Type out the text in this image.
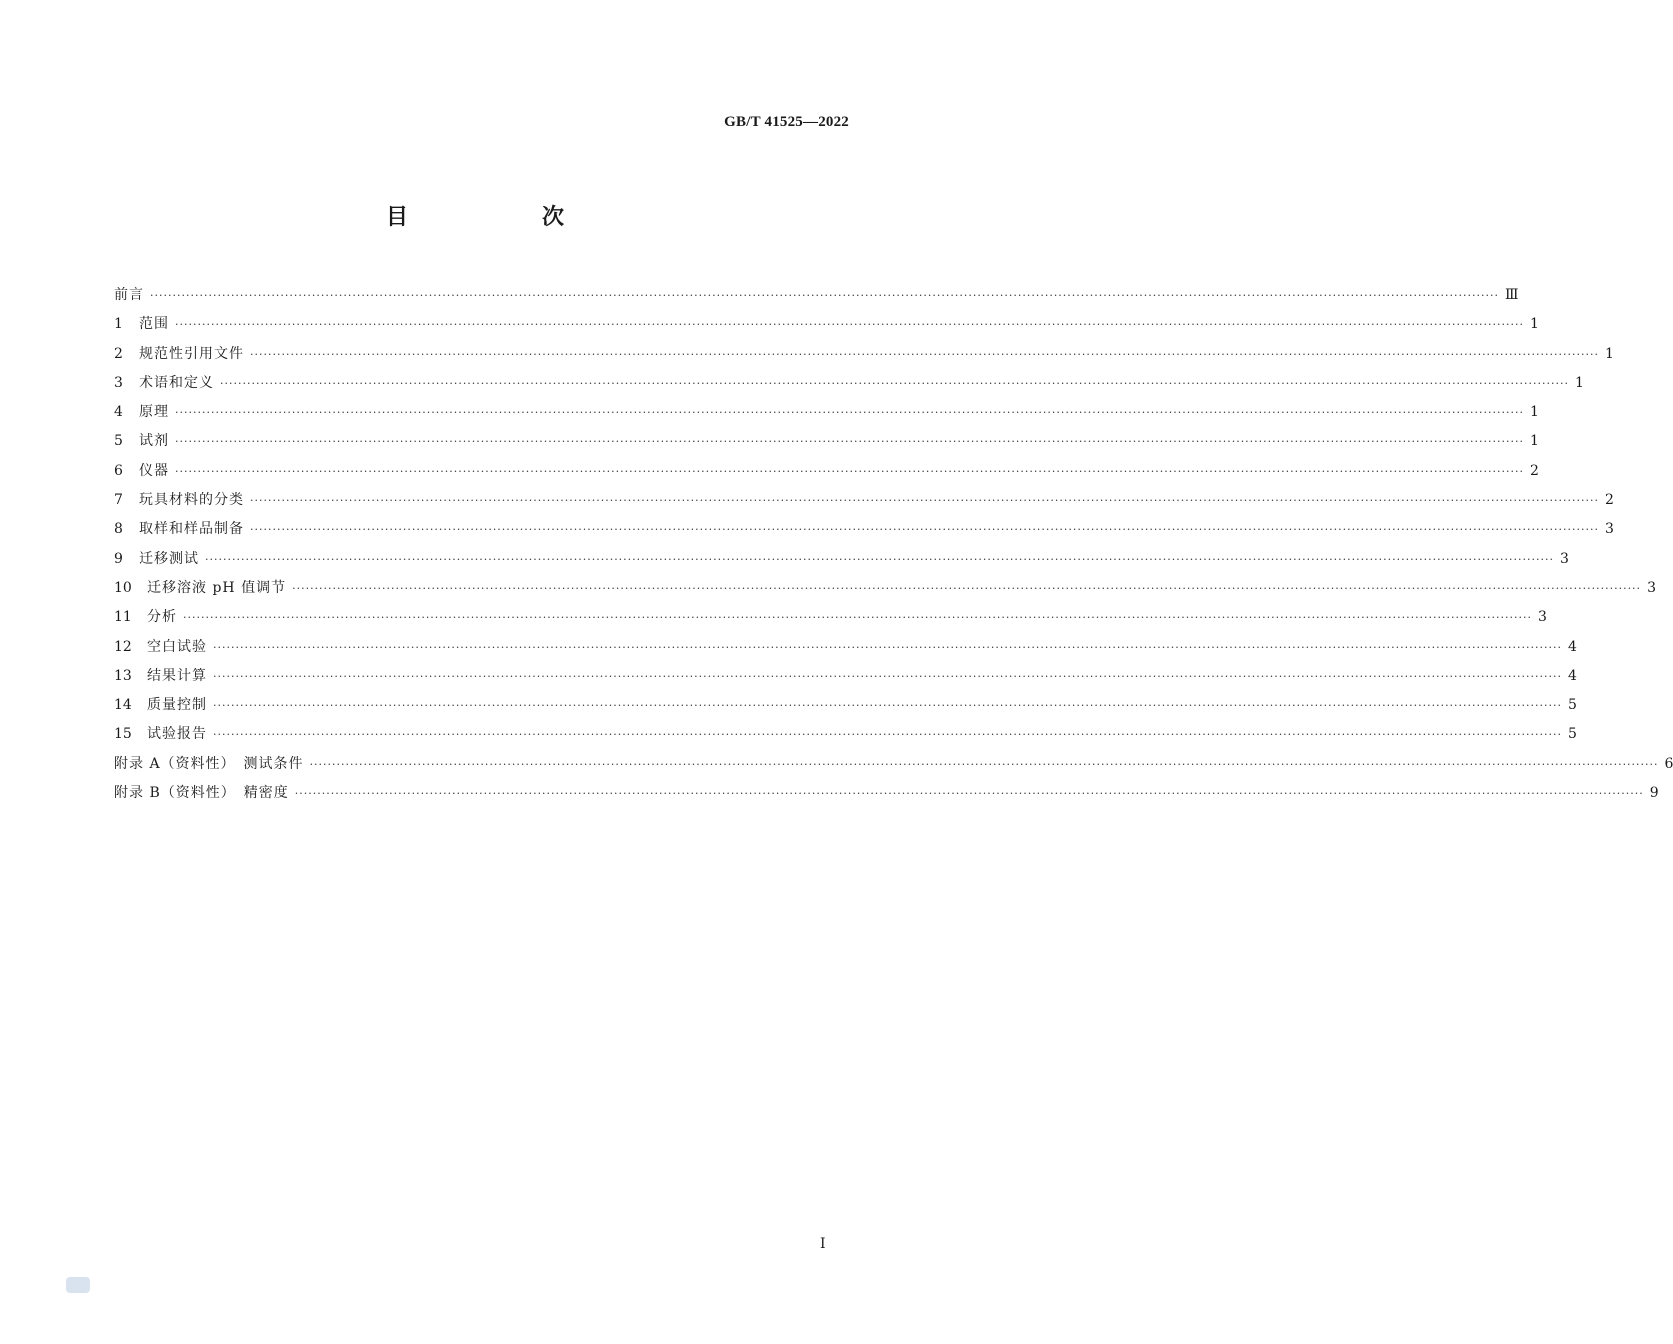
GB/T 41525—2022
目　次
前言 ············································································································································································································································································································ Ⅲ
1	范围 ············································································································································································································································································································ 1
2	规范性引用文件 ············································································································································································································································································································ 1
3	术语和定义 ············································································································································································································································································································ 1
4	原理 ············································································································································································································································································································ 1
5	试剂 ············································································································································································································································································································ 1
6	仪器 ············································································································································································································································································································ 2
7	玩具材料的分类 ············································································································································································································································································································ 2
8	取样和样品制备 ············································································································································································································································································································ 3
9	迁移测试 ············································································································································································································································································································ 3
10	迁移溶液 pH 值调节 ············································································································································································································································································································ 3
11	分析 ············································································································································································································································································································ 3
12	空白试验 ············································································································································································································································································································ 4
13	结果计算 ············································································································································································································································································································ 4
14	质量控制 ············································································································································································································································································································ 5
15	试验报告 ············································································································································································································································································································ 5
附录 A（资料性）　测试条件 ············································································································································································································································································································ 6
附录 B（资料性）　精密度 ············································································································································································································································································································ 9
Ⅰ
